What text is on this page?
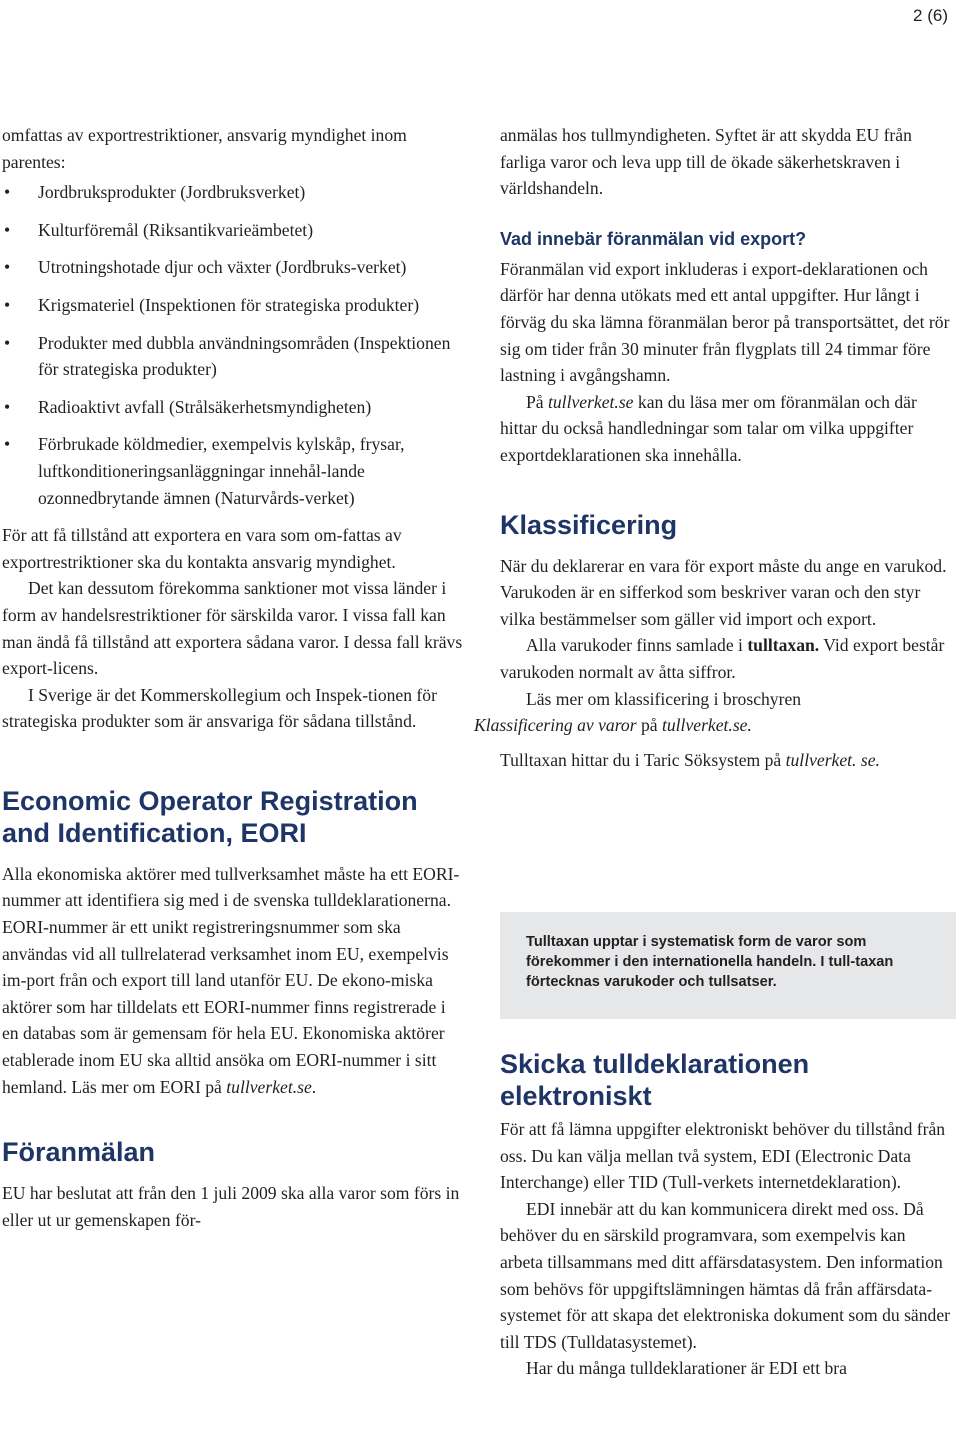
2 (6)

omfattas av exportrestriktioner, ansvarig myndighet inom parentes:

• Jordbruksprodukter (Jordbruksverket)
• Kulturföremål (Riksantikvarieämbetet)
• Utrotningshotade djur och växter (Jordbruks-verket)
• Krigsmateriel (Inspektionen för strategiska produkter)
• Produkter med dubbla användningsområden (Inspektionen för strategiska produkter)
• Radioaktivt avfall (Strålsäkerhetsmyndigheten)
• Förbrukade köldmedier, exempelvis kylskåp, frysar, luftkonditioneringsanläggningar innehål-lande ozonnedbrytande ämnen (Naturvårds-verket)

För att få tillstånd att exportera en vara som om-fattas av exportrestriktioner ska du kontakta ansvarig myndighet.

Det kan dessutom förekomma sanktioner mot vissa länder i form av handelsrestriktioner för särskilda varor. I vissa fall kan man ändå få tillstånd att exportera sådana varor. I dessa fall krävs export-licens.

I Sverige är det Kommerskollegium och Inspek-tionen för strategiska produkter som är ansvariga för sådana tillstånd.

Economic Operator Registration and Identification, EORI

Alla ekonomiska aktörer med tullverksamhet måste ha ett EORI-nummer att identifiera sig med i de svenska tulldeklarationerna. EORI-nummer är ett unikt registreringsnummer som ska användas vid all tullrelaterad verksamhet inom EU, exempelvis im-port från och export till land utanför EU. De ekono-miska aktörer som har tilldelats ett EORI-nummer finns registrerade i en databas som är gemensam för hela EU. Ekonomiska aktörer etablerade inom EU ska alltid ansöka om EORI-nummer i sitt hemland. Läs mer om EORI på tullverket.se.

Föranmälan

EU har beslutat att från den 1 juli 2009 ska alla varor som förs in eller ut ur gemenskapen för-

anmälas hos tullmyndigheten. Syftet är att skydda EU från farliga varor och leva upp till de ökade säkerhetskraven i världshandeln.

Vad innebär föranmälan vid export?

Föranmälan vid export inkluderas i export-deklarationen och därför har denna utökats med ett antal uppgifter. Hur långt i förväg du ska lämna föranmälan beror på transportsättet, det rör sig om tider från 30 minuter från flygplats till 24 timmar före lastning i avgångshamn.

På tullverket.se kan du läsa mer om föranmälan och där hittar du också handledningar som talar om vilka uppgifter exportdeklarationen ska innehålla.

Klassificering

När du deklarerar en vara för export måste du ange en varukod. Varukoden är en sifferkod som beskriver varan och den styr vilka bestämmelser som gäller vid import och export.

Alla varukoder finns samlade i tulltaxan. Vid export består varukoden normalt av åtta siffror.

Läs mer om klassificering i broschyren
Klassificering av varor på tullverket.se.

Tulltaxan hittar du i Taric Söksystem på tullverket. se.

Tulltaxan upptar i systematisk form de varor som förekommer i den internationella handeln. I tull-taxan förtecknas varukoder och tullsatser.
Skicka tulldeklarationen elektroniskt

För att få lämna uppgifter elektroniskt behöver du tillstånd från oss. Du kan välja mellan två system, EDI (Electronic Data Interchange) eller TID (Tull-verkets internetdeklaration).

EDI innebär att du kan kommunicera direkt med oss. Då behöver du en särskild programvara, som exempelvis kan arbeta tillsammans med ditt affärsdatasystem. Den information som behövs för uppgiftslämningen hämtas då från affärsdata-systemet för att skapa det elektroniska dokument som du sänder till TDS (Tulldatasystemet).

Har du många tulldeklarationer är EDI ett bra
